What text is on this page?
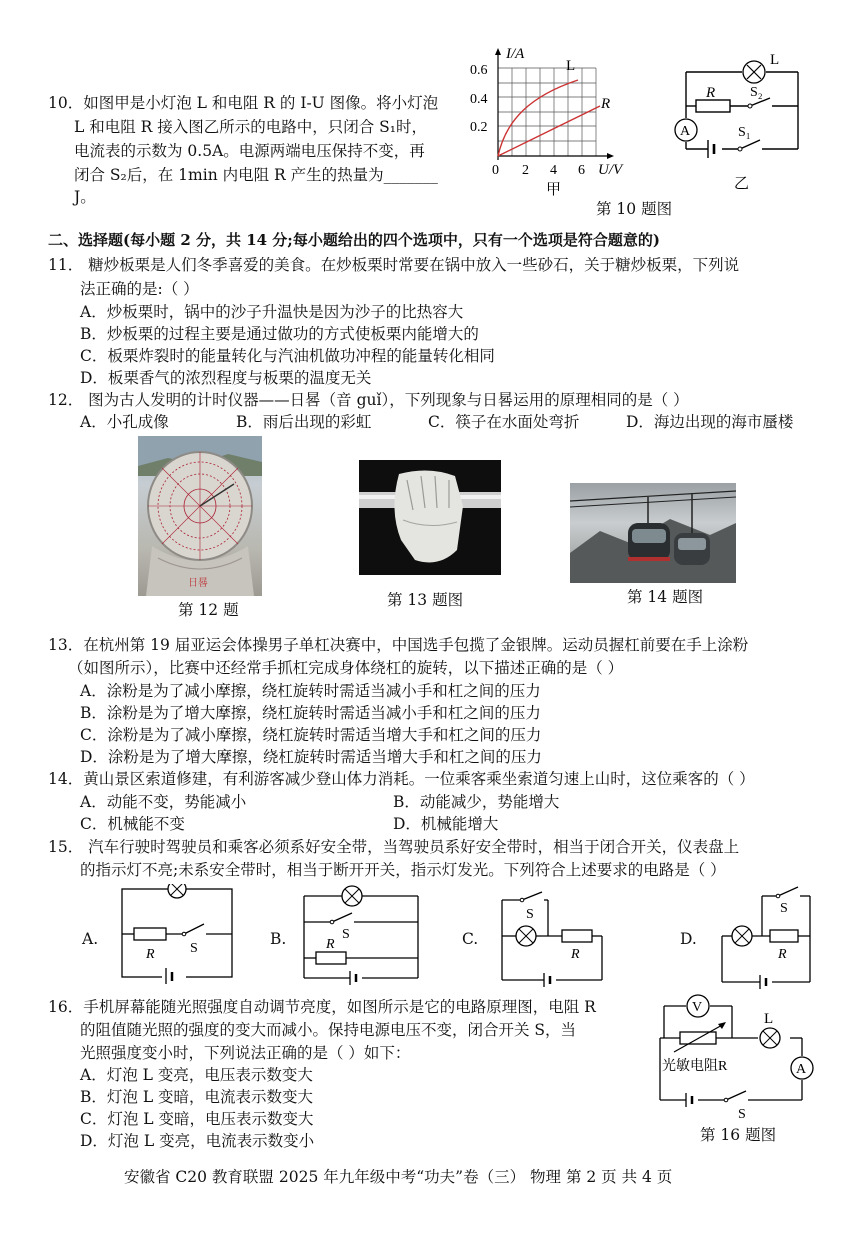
10．如图甲是小灯泡 L 和电阻 R 的 I-U 图像。将小灯泡
L 和电阻 R 接入图乙所示的电路中，只闭合 S₁时，
电流表的示数为 0.5A。电源两端电压保持不变，再
闭合 S₂后，在 1min 内电阻 R 产生的热量为_______
J。
I/A
0.6
0.4
0.2
0 2 4 6 U/V
L
R
甲
A
L
R S₂
S₁
乙
第 10 题图
二、选择题(每小题 2 分，共 14 分;每小题给出的四个选项中，只有一个选项是符合题意的)
11． 糖炒板栗是人们冬季喜爱的美食。在炒板栗时常要在锅中放入一些砂石，关于糖炒板栗，下列说
法正确的是:（ ）
A．炒板栗时，锅中的沙子升温快是因为沙子的比热容大
B．炒板栗的过程主要是通过做功的方式使板栗内能增大的
C．板栗炸裂时的能量转化与汽油机做功冲程的能量转化相同
D．板栗香气的浓烈程度与板栗的温度无关
12． 图为古人发明的计时仪器——日晷（音 guǐ），下列现象与日晷运用的原理相同的是（ ）
A．小孔成像	B．雨后出现的彩虹	C．筷子在水面处弯折	D．海边出现的海市蜃楼
日晷
第 12 题
第 13 题图	第 14 题图
13．在杭州第 19 届亚运会体操男子单杠决赛中，中国选手包揽了金银牌。运动员握杠前要在手上涂粉
（如图所示），比赛中还经常手抓杠完成身体绕杠的旋转，以下描述正确的是（ ）
A．涂粉是为了减小摩擦，绕杠旋转时需适当减小手和杠之间的压力
B．涂粉是为了增大摩擦，绕杠旋转时需适当减小手和杠之间的压力
C．涂粉是为了减小摩擦，绕杠旋转时需适当增大手和杠之间的压力
D．涂粉是为了增大摩擦，绕杠旋转时需适当增大手和杠之间的压力
14．黄山景区索道修建，有利游客减少登山体力消耗。一位乘客乘坐索道匀速上山时，这位乘客的（ ）
A．动能不变，势能减小	B．动能减少，势能增大
C．机械能不变	D．机械能增大
15． 汽车行驶时驾驶员和乘客必须系好安全带，当驾驶员系好安全带时，相当于闭合开关，仪表盘上
的指示灯不亮;未系安全带时，相当于断开开关，指示灯发光。下列符合上述要求的电路是（ ）
A.
R	S
B.	S
R	C.
S
R
D.
S
R
16．手机屏幕能随光照强度自动调节亮度，如图所示是它的电路原理图，电阻 R
的阻值随光照的强度的变大而减小。保持电源电压不变，闭合开关 S，当
光照强度变小时，下列说法正确的是（ ）如下：
A．灯泡 L 变亮，电压表示数变大
B．灯泡 L 变暗，电流表示数变大
C．灯泡 L 变暗，电压表示数变大
D．灯泡 L 变亮，电流表示数变小
V
L
A
光敏电阻R
S
第 16 题图
安徽省 C20 教育联盟 2025 年九年级中考“功夫”卷（三） 物理 第 2 页 共 4 页
